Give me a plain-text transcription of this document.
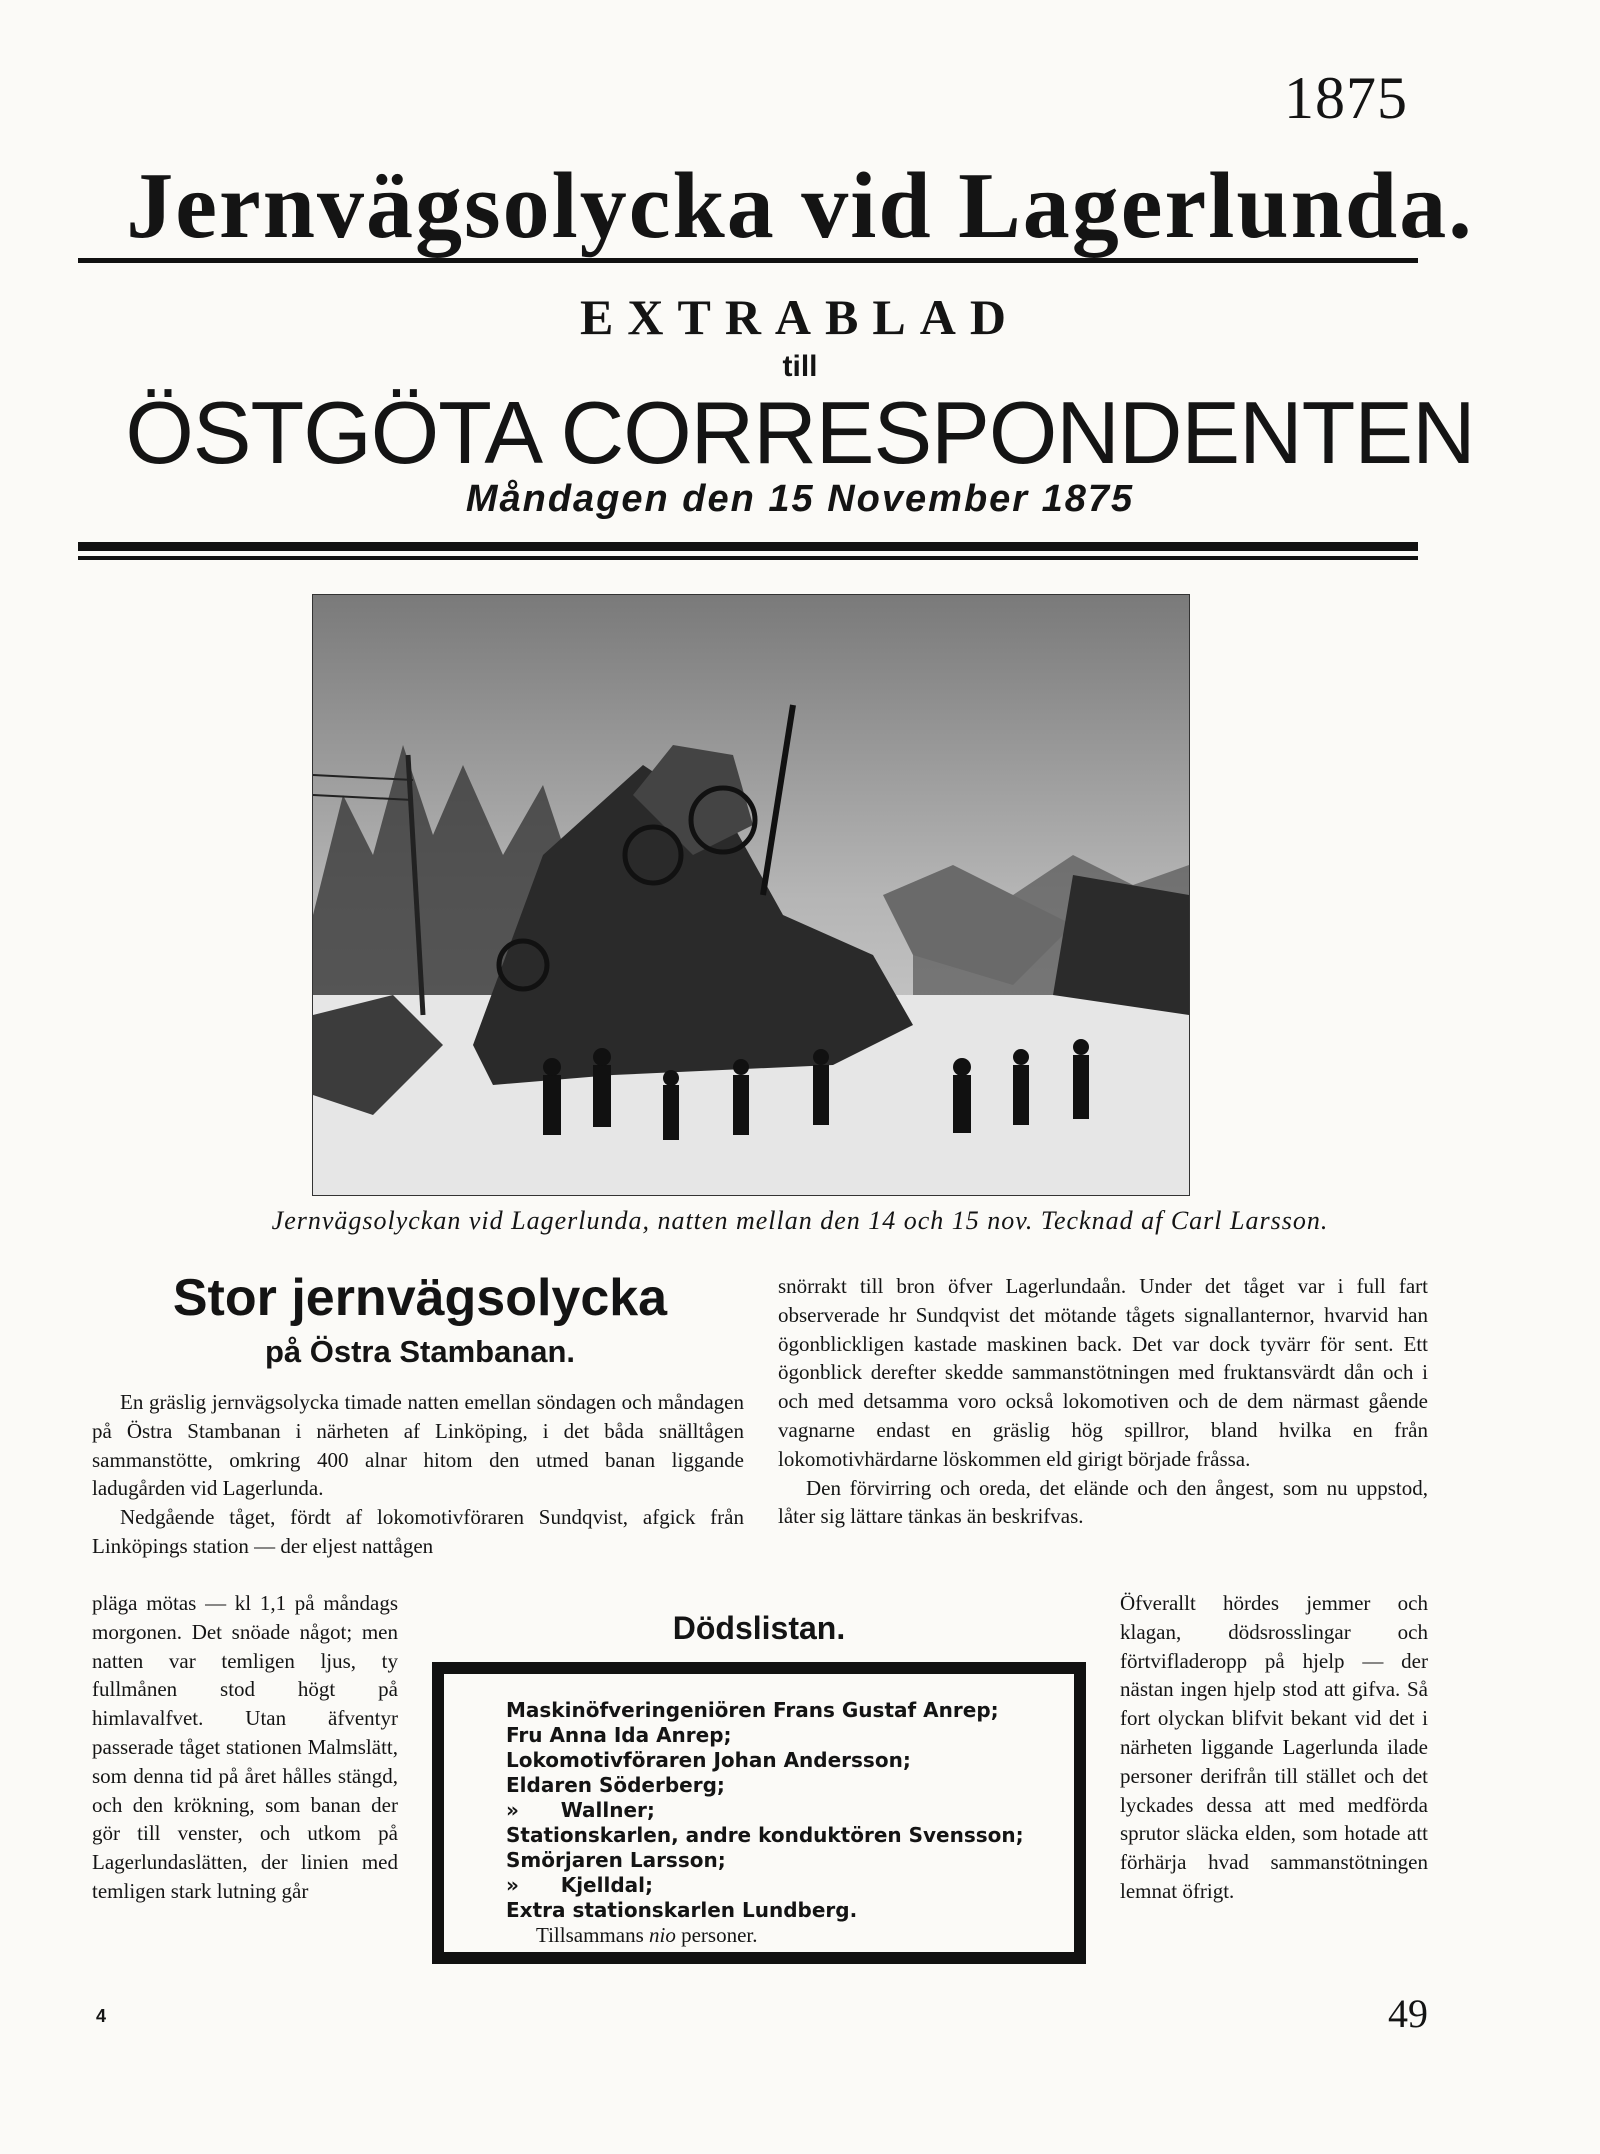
1875
Jernvägsolycka vid Lagerlunda.
EXTRABLAD
till
ÖSTGÖTA CORRESPONDENTEN
Måndagen den 15 November 1875
Jernvägsolyckan vid Lagerlunda, natten mellan den 14 och 15 nov. Tecknad af Carl Larsson.
Stor jernvägsolycka
på Östra Stambanan.

En gräslig jernvägsolycka timade natten emellan söndagen och måndagen på Östra Stambanan i närheten af Linköping, i det båda snälltågen sammanstötte, omkring 400 alnar hitom den utmed banan liggande ladugården vid Lagerlunda.

Nedgående tåget, fördt af lokomotivföraren Sundqvist, afgick från Linköpings station — der eljest nattågen

pläga mötas — kl 1,1 på måndags morgonen. Det snöade något; men natten var temligen ljus, ty fullmånen stod högt på himlavalfvet. Utan äfventyr passerade tåget stationen Malmslätt, som denna tid på året hålles stängd, och den krökning, som banan der gör till venster, och utkom på Lagerlundaslätten, der linien med temligen stark lutning går

snörrakt till bron öfver Lagerlundaån. Under det tåget var i full fart observerade hr Sundqvist det mötande tågets signallanternor, hvarvid han ögonblickligen kastade maskinen back. Det var dock tyvärr för sent. Ett ögonblick derefter skedde sammanstötningen med fruktansvärdt dån och i och med detsamma voro också lokomotiven och de dem närmast gående vagnarne endast en gräslig hög spillror, bland hvilka en från lokomotivhärdarne löskommen eld girigt började fråssa.

Den förvirring och oreda, det elände och den ångest, som nu uppstod, låter sig lättare tänkas än beskrifvas.

Öfverallt hördes jemmer och klagan, dödsrosslingar och förtvifladeropp på hjelp — der nästan ingen hjelp stod att gifva. Så fort olyckan blifvit bekant vid det i närheten liggande Lagerlunda ilade personer derifrån till stället och det lyckades dessa att med medförda sprutor släcka elden, som hotade att förhärja hvad sammanstötningen lemnat öfrigt.

Dödslistan.
Maskinöfveringeniören Frans Gustaf Anrep;
Fru Anna Ida Anrep;
Lokomotivföraren Johan Andersson;
Eldaren Söderberg;
»      Wallner;
Stationskarlen, andre konduktören Svensson;
Smörjaren Larsson;
»      Kjelldal;
Extra stationskarlen Lundberg.
Tillsammans nio personer.
4	49
